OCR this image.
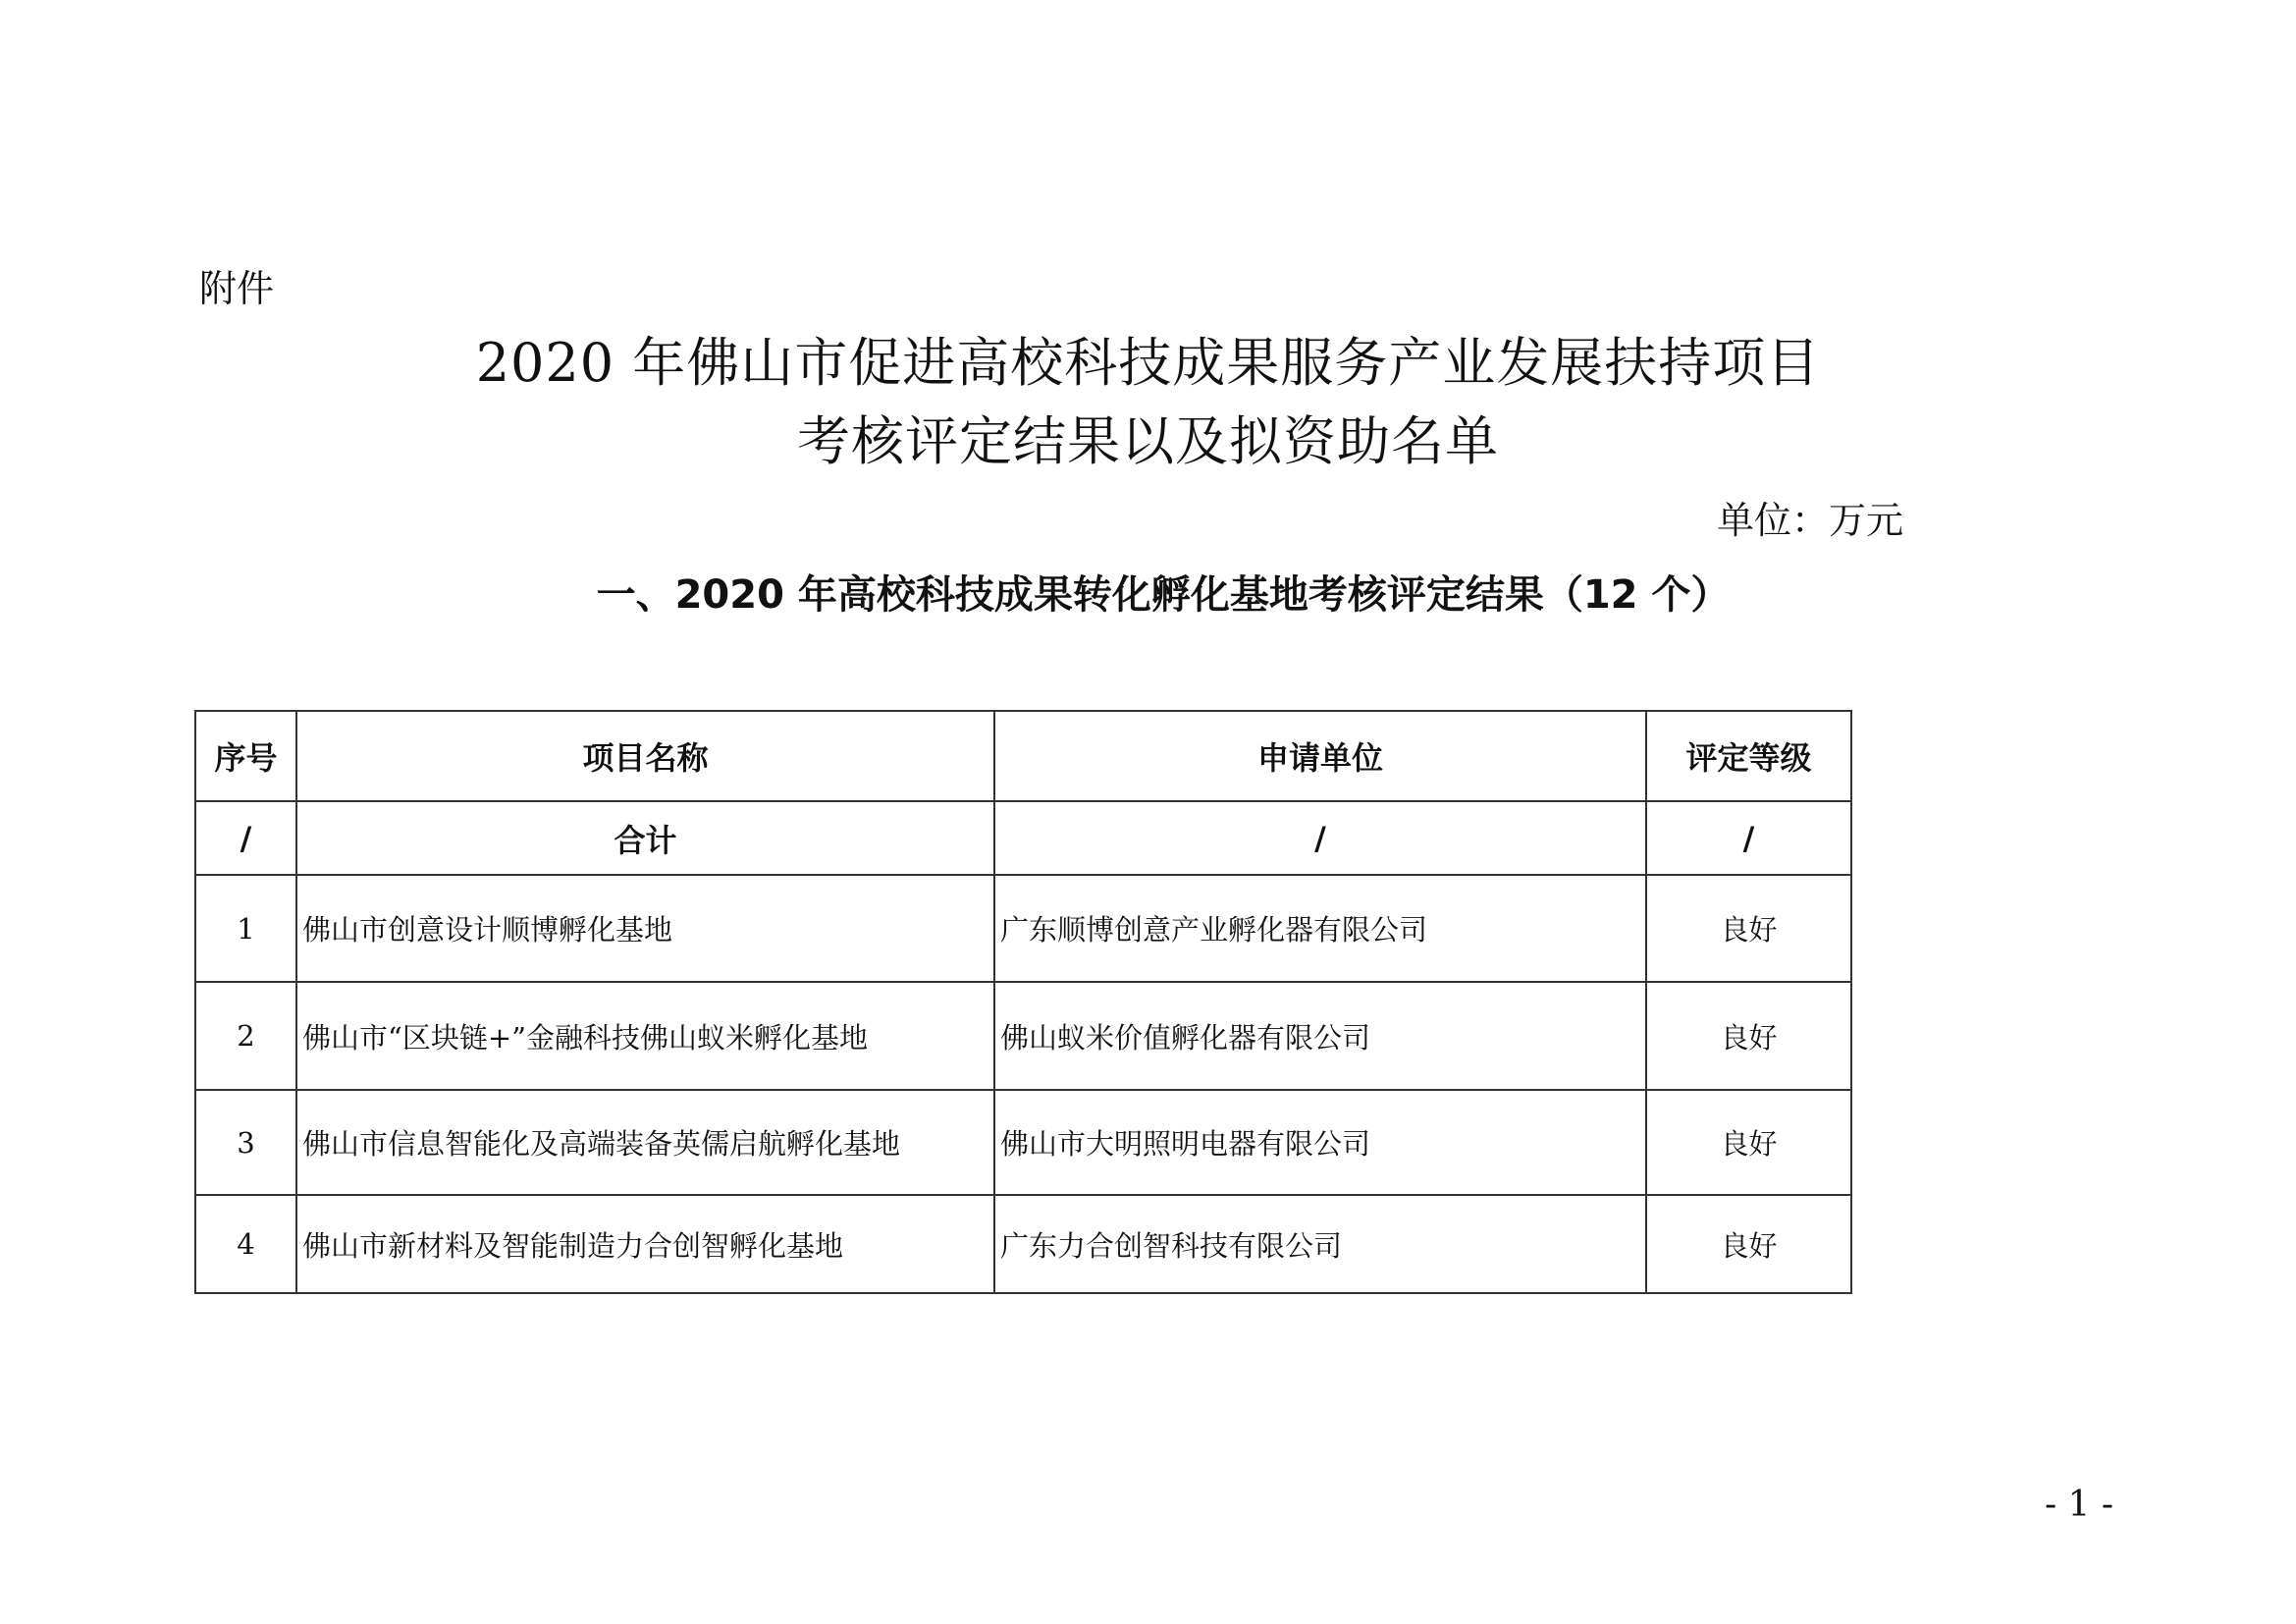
附件
2020 年佛山市促进高校科技成果服务产业发展扶持项目
考核评定结果以及拟资助名单
单位：万元
一、2020 年高校科技成果转化孵化基地考核评定结果（12 个）
序号	项目名称	申请单位	评定等级
/	合计	/	/
1	佛山市创意设计顺博孵化基地	广东顺博创意产业孵化器有限公司	良好
2	佛山市“区块链+”金融科技佛山蚁米孵化基地	佛山蚁米价值孵化器有限公司	良好
3	佛山市信息智能化及高端装备英儒启航孵化基地	佛山市大明照明电器有限公司	良好
4	佛山市新材料及智能制造力合创智孵化基地	广东力合创智科技有限公司	良好
- 1 -
